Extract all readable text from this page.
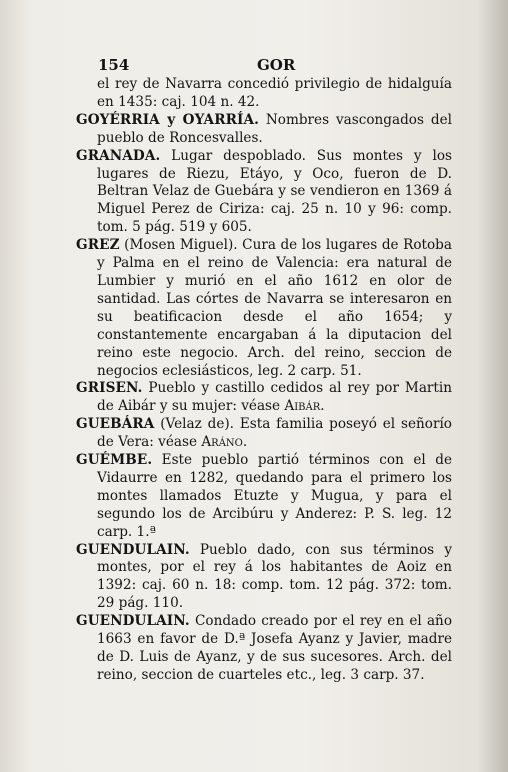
154	GOR

el rey de Navarra concedió privilegio de hidalguía en 1435: caj. 104 n. 42.

GOYÉRRIA y OYARRÍA. Nombres vascongados del pueblo de Roncesvalles.

GRANADA. Lugar despoblado. Sus montes y los lugares de Riezu, Etáyo, y Oco, fueron de D. Beltran Velaz de Guebára y se vendieron en 1369 á Miguel Perez de Ciriza: caj. 25 n. 10 y 96: comp. tom. 5 pág. 519 y 605.

GREZ (Mosen Miguel). Cura de los lugares de Rotoba y Palma en el reino de Valencia: era natural de Lumbier y murió en el año 1612 en olor de santidad. Las córtes de Navarra se interesaron en su beatificacion desde el año 1654; y constantemente encargaban á la diputacion del reino este negocio. Arch. del reino, seccion de negocios eclesiásticos, leg. 2 carp. 51.

GRISEN. Pueblo y castillo cedidos al rey por Martin de Aibár y su mujer: véase Aibár.

GUEBÁRA (Velaz de). Esta familia poseyó el señorío de Vera: véase Aráno.

GUÉMBE. Este pueblo partió términos con el de Vidaurre en 1282, quedando para el primero los montes llamados Etuzte y Mugua, y para el segundo los de Arcibúru y Anderez: P. S. leg. 12 carp. 1.ª

GUENDULAIN. Pueblo dado, con sus términos y montes, por el rey á los habitantes de Aoiz en 1392: caj. 60 n. 18: comp. tom. 12 pág. 372: tom. 29 pág. 110.

GUENDULAIN. Condado creado por el rey en el año 1663 en favor de D.ª Josefa Ayanz y Javier, madre de D. Luis de Ayanz, y de sus sucesores. Arch. del reino, seccion de cuarteles etc., leg. 3 carp. 37.
